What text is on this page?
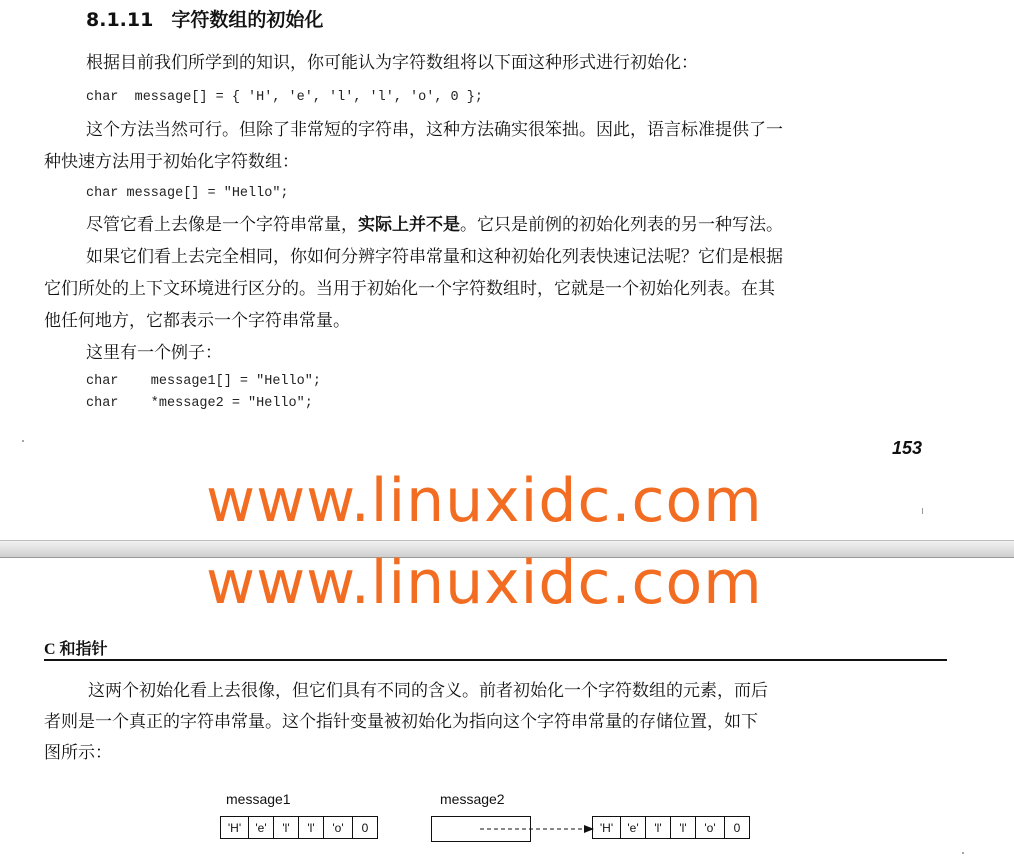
8.1.11 字符数组的初始化
根据目前我们所学到的知识，你可能认为字符数组将以下面这种形式进行初始化：
char  message[] = { 'H', 'e', 'l', 'l', 'o', 0 };
这个方法当然可行。但除了非常短的字符串，这种方法确实很笨拙。因此，语言标准提供了一
种快速方法用于初始化字符数组：
char message[] = "Hello";
尽管它看上去像是一个字符串常量，实际上并不是。它只是前例的初始化列表的另一种写法。
如果它们看上去完全相同，你如何分辨字符串常量和这种初始化列表快速记法呢？它们是根据
它们所处的上下文环境进行区分的。当用于初始化一个字符数组时，它就是一个初始化列表。在其
他任何地方，它都表示一个字符串常量。
这里有一个例子：
char    message1[] = "Hello";
char    *message2 = "Hello";
153
www.linuxidc.com
www.linuxidc.com
C 和指针
这两个初始化看上去很像，但它们具有不同的含义。前者初始化一个字符数组的元素，而后
者则是一个真正的字符串常量。这个指针变量被初始化为指向这个字符串常量的存储位置，如下
图所示：
message1	message2
'H'	'e'	'l'	'l'	'o'	0	'H'	'e'	'l'	'l'	'o'	0
